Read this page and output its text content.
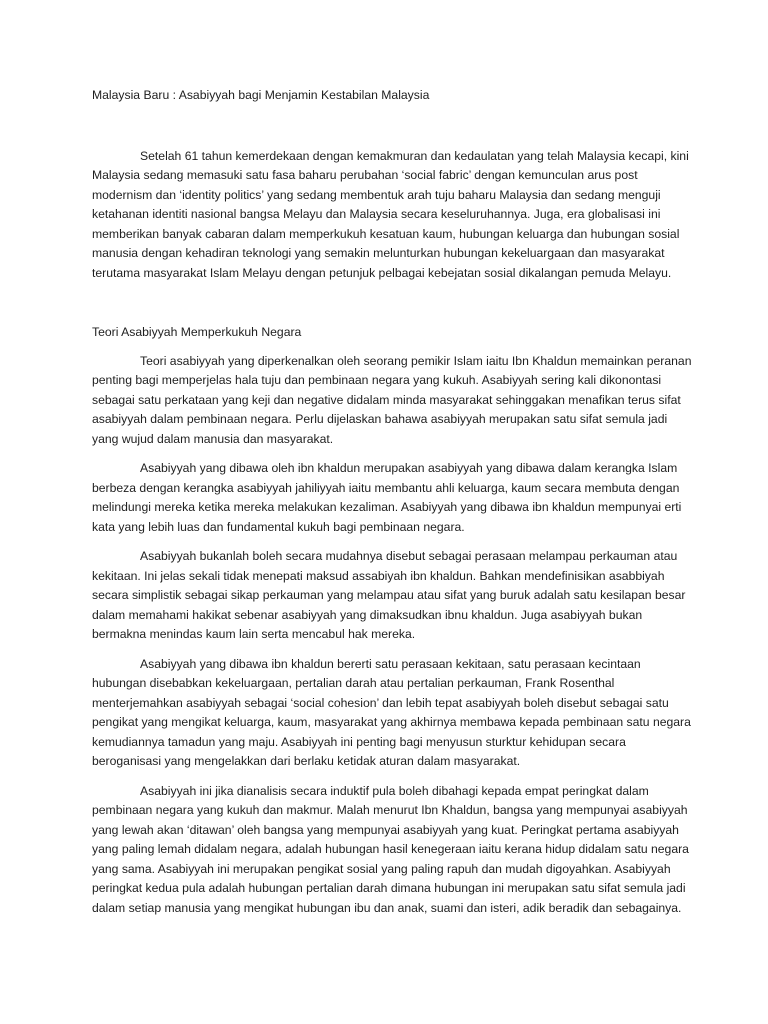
Malaysia Baru : Asabiyyah bagi Menjamin Kestabilan Malaysia

Setelah 61 tahun kemerdekaan dengan kemakmuran dan kedaulatan yang telah Malaysia kecapi, kini Malaysia sedang memasuki satu fasa baharu perubahan ‘social fabric’ dengan kemunculan arus post modernism dan ‘identity politics’ yang sedang membentuk arah tuju baharu Malaysia dan sedang menguji ketahanan identiti nasional bangsa Melayu dan Malaysia secara keseluruhannya. Juga, era globalisasi ini memberikan banyak cabaran dalam memperkukuh kesatuan kaum, hubungan keluarga dan hubungan sosial manusia dengan kehadiran teknologi yang semakin melunturkan hubungan kekeluargaan dan masyarakat terutama masyarakat Islam Melayu dengan petunjuk pelbagai kebejatan sosial dikalangan pemuda Melayu.

Teori Asabiyyah Memperkukuh Negara

Teori asabiyyah yang diperkenalkan oleh seorang pemikir Islam iaitu Ibn Khaldun memainkan peranan penting bagi memperjelas hala tuju dan pembinaan negara yang kukuh. Asabiyyah sering kali dikonontasi sebagai satu perkataan yang keji dan negative didalam minda masyarakat sehinggakan menafikan terus sifat asabiyyah dalam pembinaan negara. Perlu dijelaskan bahawa asabiyyah merupakan satu sifat semula jadi yang wujud dalam manusia dan masyarakat.

Asabiyyah yang dibawa oleh ibn khaldun merupakan asabiyyah yang dibawa dalam kerangka Islam berbeza dengan kerangka asabiyyah jahiliyyah iaitu membantu ahli keluarga, kaum secara membuta dengan melindungi mereka ketika mereka melakukan kezaliman. Asabiyyah yang dibawa ibn khaldun mempunyai erti kata yang lebih luas dan fundamental kukuh bagi pembinaan negara.

Asabiyyah bukanlah boleh secara mudahnya disebut sebagai perasaan melampau perkauman atau kekitaan. Ini jelas sekali tidak menepati maksud assabiyah ibn khaldun. Bahkan mendefinisikan asabbiyah secara simplistik sebagai sikap perkauman yang melampau atau sifat yang buruk adalah satu kesilapan besar dalam memahami hakikat sebenar asabiyyah yang dimaksudkan ibnu khaldun. Juga asabiyyah bukan bermakna menindas kaum lain serta mencabul hak mereka.

Asabiyyah yang dibawa ibn khaldun bererti satu perasaan kekitaan, satu perasaan kecintaan hubungan disebabkan kekeluargaan, pertalian darah atau pertalian perkauman, Frank Rosenthal menterjemahkan asabiyyah sebagai ‘social cohesion’ dan lebih tepat asabiyyah boleh disebut sebagai satu pengikat yang mengikat keluarga, kaum, masyarakat yang akhirnya membawa kepada pembinaan satu negara kemudiannya tamadun yang maju. Asabiyyah ini penting bagi menyusun sturktur kehidupan secara beroganisasi yang mengelakkan dari berlaku ketidak aturan dalam masyarakat.

Asabiyyah ini jika dianalisis secara induktif pula boleh dibahagi kepada empat peringkat dalam pembinaan negara yang kukuh dan makmur. Malah menurut Ibn Khaldun, bangsa yang mempunyai asabiyyah yang lewah akan ‘ditawan’ oleh bangsa yang mempunyai asabiyyah yang kuat. Peringkat pertama asabiyyah yang paling lemah didalam negara, adalah hubungan hasil kenegeraan iaitu kerana hidup didalam satu negara yang sama. Asabiyyah ini merupakan pengikat sosial yang paling rapuh dan mudah digoyahkan. Asabiyyah peringkat kedua pula adalah hubungan pertalian darah dimana hubungan ini merupakan satu sifat semula jadi dalam setiap manusia yang mengikat hubungan ibu dan anak, suami dan isteri, adik beradik dan sebagainya.
